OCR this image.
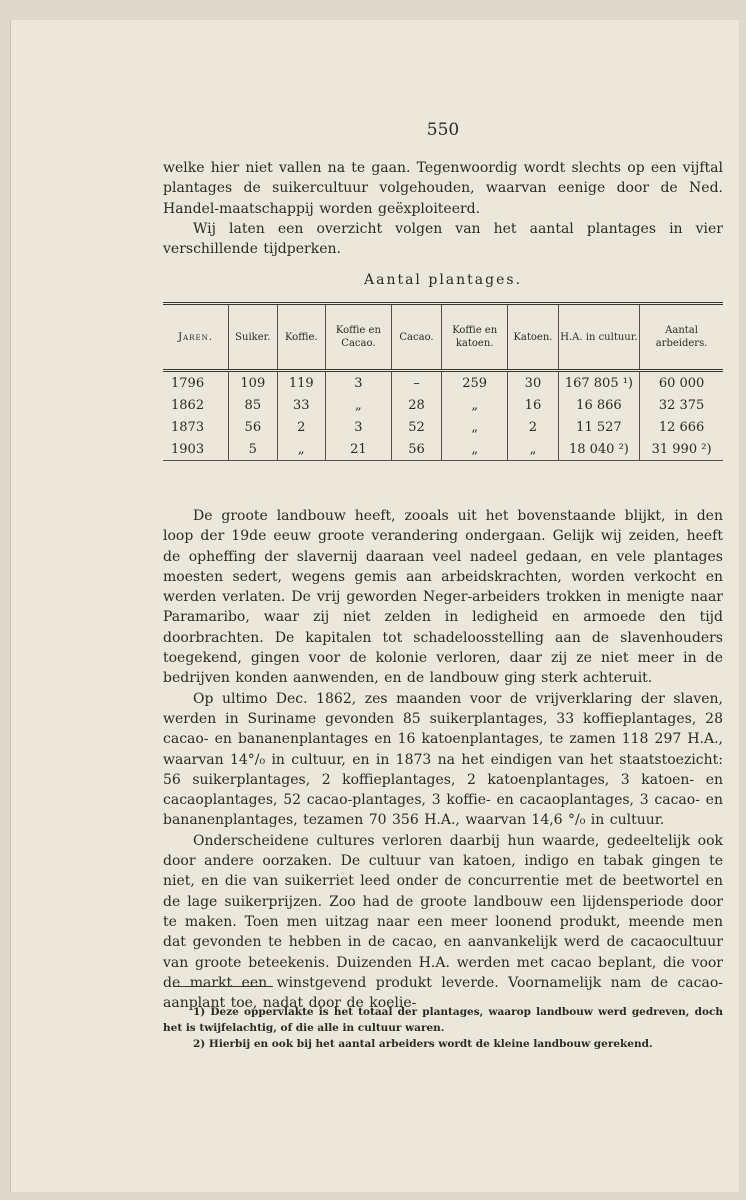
550

welke hier niet vallen na te gaan. Tegenwoordig wordt slechts op een vijftal plantages de suikercultuur volgehouden, waarvan eenige door de Ned. Handel-maatschappij worden geëxploiteerd.

Wij laten een overzicht volgen van het aantal plantages in vier verschillende tijdperken.

Aantal plantages.
Jaren.	Suiker.	Koffie.	Koffie en Cacao.	Cacao.	Koffie en katoen.	Katoen.	H.A. in cultuur.	Aantal arbeiders.
1796	109	119	3	–	259	30	167 805 ¹)	60 000
1862	85	33	„	28	„	16	16 866	32 375
1873	56	2	3	52	„	2	11 527	12 666
1903	5	„	21	56	„	„	18 040 ²)	31 990 ²)

De groote landbouw heeft, zooals uit het bovenstaande blijkt, in den loop der 19de eeuw groote verandering ondergaan. Gelijk wij zeiden, heeft de opheffing der slavernij daaraan veel nadeel gedaan, en vele plantages moesten sedert, wegens gemis aan arbeidskrachten, worden verkocht en werden verlaten. De vrij geworden Neger-arbeiders trokken in menigte naar Paramaribo, waar zij niet zelden in ledigheid en armoede den tijd doorbrachten. De kapitalen tot schadeloosstelling aan de slavenhouders toegekend, gingen voor de kolonie verloren, daar zij ze niet meer in de bedrijven konden aanwenden, en de landbouw ging sterk achteruit.

Op ultimo Dec. 1862, zes maanden voor de vrijverklaring der slaven, werden in Suriname gevonden 85 suikerplantages, 33 koffieplantages, 28 cacao- en bananenplantages en 16 katoenplantages, te zamen 118 297 H.A., waarvan 14°/₀ in cultuur, en in 1873 na het eindigen van het staatstoezicht: 56 suikerplantages, 2 koffieplantages, 2 katoenplantages, 3 katoen- en cacaoplantages, 52 cacao-plantages, 3 koffie- en cacaoplantages, 3 cacao- en bananenplantages, tezamen 70 356 H.A., waarvan 14,6 °/₀ in cultuur.

Onderscheidene cultures verloren daarbij hun waarde, gedeeltelijk ook door andere oorzaken. De cultuur van katoen, indigo en tabak gingen te niet, en die van suikerriet leed onder de concurrentie met de beetwortel en de lage suikerprijzen. Zoo had de groote landbouw een lijdensperiode door te maken. Toen men uitzag naar een meer loonend produkt, meende men dat gevonden te hebben in de cacao, en aanvankelijk werd de cacaocultuur van groote beteekenis. Duizenden H.A. werden met cacao beplant, die voor de markt een winstgevend produkt leverde. Voornamelijk nam de cacao-aanplant toe, nadat door de koelie-

1) Deze oppervlakte is het totaal der plantages, waarop landbouw werd gedreven, doch het is twijfelachtig, of die alle in cultuur waren.

2) Hierbij en ook bij het aantal arbeiders wordt de kleine landbouw gerekend.
